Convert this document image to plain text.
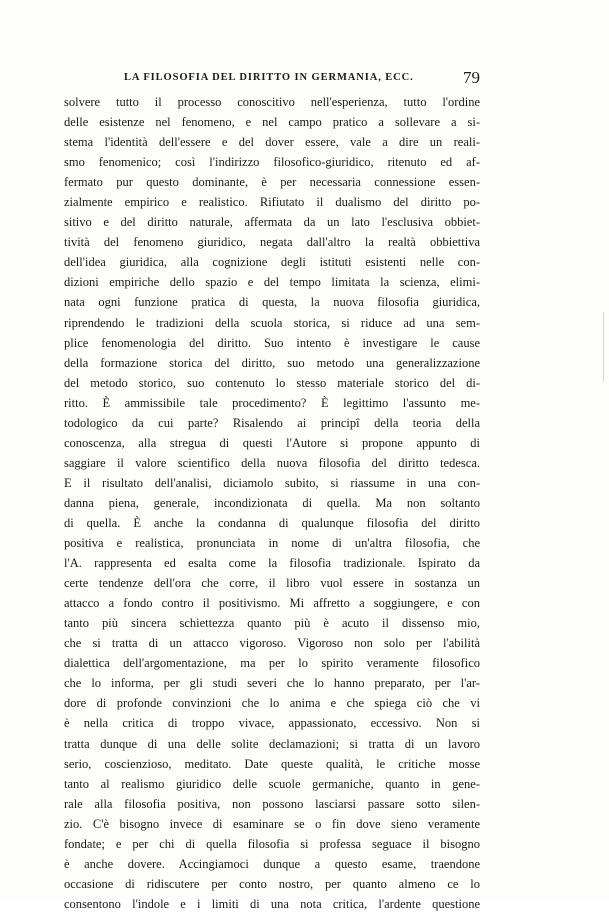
LA FILOSOFIA DEL DIRITTO IN GERMANIA, ECC.	79
solvere tutto il processo conoscitivo nell'esperienza, tutto l'ordine
delle esistenze nel fenomeno, e nel campo pratico a sollevare a si-
stema l'identità dell'essere e del dover essere, vale a dire un reali-
smo fenomenico; così l'indirizzo filosofico-giuridico, ritenuto ed af-
fermato pur questo dominante, è per necessaria connessione essen-
zialmente empirico e realistico. Rifiutato il dualismo del diritto po-
sitivo e del diritto naturale, affermata da un lato l'esclusiva obbiet-
tività del fenomeno giuridico, negata dall'altro la realtà obbiettiva
dell'idea giuridica, alla cognizione degli istituti esistenti nelle con-
dizioni empiriche dello spazio e del tempo limitata la scienza, elimi-
nata ogni funzione pratica di questa, la nuova filosofia giuridica,
riprendendo le tradizioni della scuola storica, si riduce ad una sem-
plice fenomenologia del diritto. Suo intento è investigare le cause
della formazione storica del diritto, suo metodo una generalizzazione
del metodo storico, suo contenuto lo stesso materiale storico del di-
ritto. È ammissibile tale procedimento? È legittimo l'assunto me-
todologico da cui parte? Risalendo ai principî della teoria della
conoscenza, alla stregua di questi l'Autore si propone appunto di
saggiare il valore scientifico della nuova filosofia del diritto tedesca.
E il risultato dell'analisi, diciamolo subito, si riassume in una con-
danna piena, generale, incondizionata di quella. Ma non soltanto
di quella. È anche la condanna di qualunque filosofia del diritto
positiva e realistica, pronunciata in nome di un'altra filosofia, che
l'A. rappresenta ed esalta come la filosofia tradizionale. Ispirato da
certe tendenze dell'ora che corre, il libro vuol essere in sostanza un
attacco a fondo contro il positivismo. Mi affretto a soggiungere, e con
tanto più sincera schiettezza quanto più è acuto il dissenso mio,
che si tratta di un attacco vigoroso. Vigoroso non solo per l'abilità
dialettica dell'argomentazione, ma per lo spirito veramente filosofico
che lo informa, per gli studi severi che lo hanno preparato, per l'ar-
dore di profonde convinzioni che lo anima e che spiega ciò che vi
è nella critica di troppo vivace, appassionato, eccessivo. Non si
tratta dunque di una delle solite declamazioni; si tratta di un lavoro
serio, coscienzioso, meditato. Date queste qualità, le critiche mosse
tanto al realismo giuridico delle scuole germaniche, quanto in gene-
rale alla filosofia positiva, non possono lasciarsi passare sotto silen-
zio. C'è bisogno invece di esaminare se o fin dove sieno veramente
fondate; e per chi di quella filosofia si professa seguace il bisogno
è anche dovere. Accingiamoci dunque a questo esame, traendone
occasione di ridiscutere per conto nostro, per quanto almeno ce lo
consentono l'indole e i limiti di una nota critica, l'ardente questione
